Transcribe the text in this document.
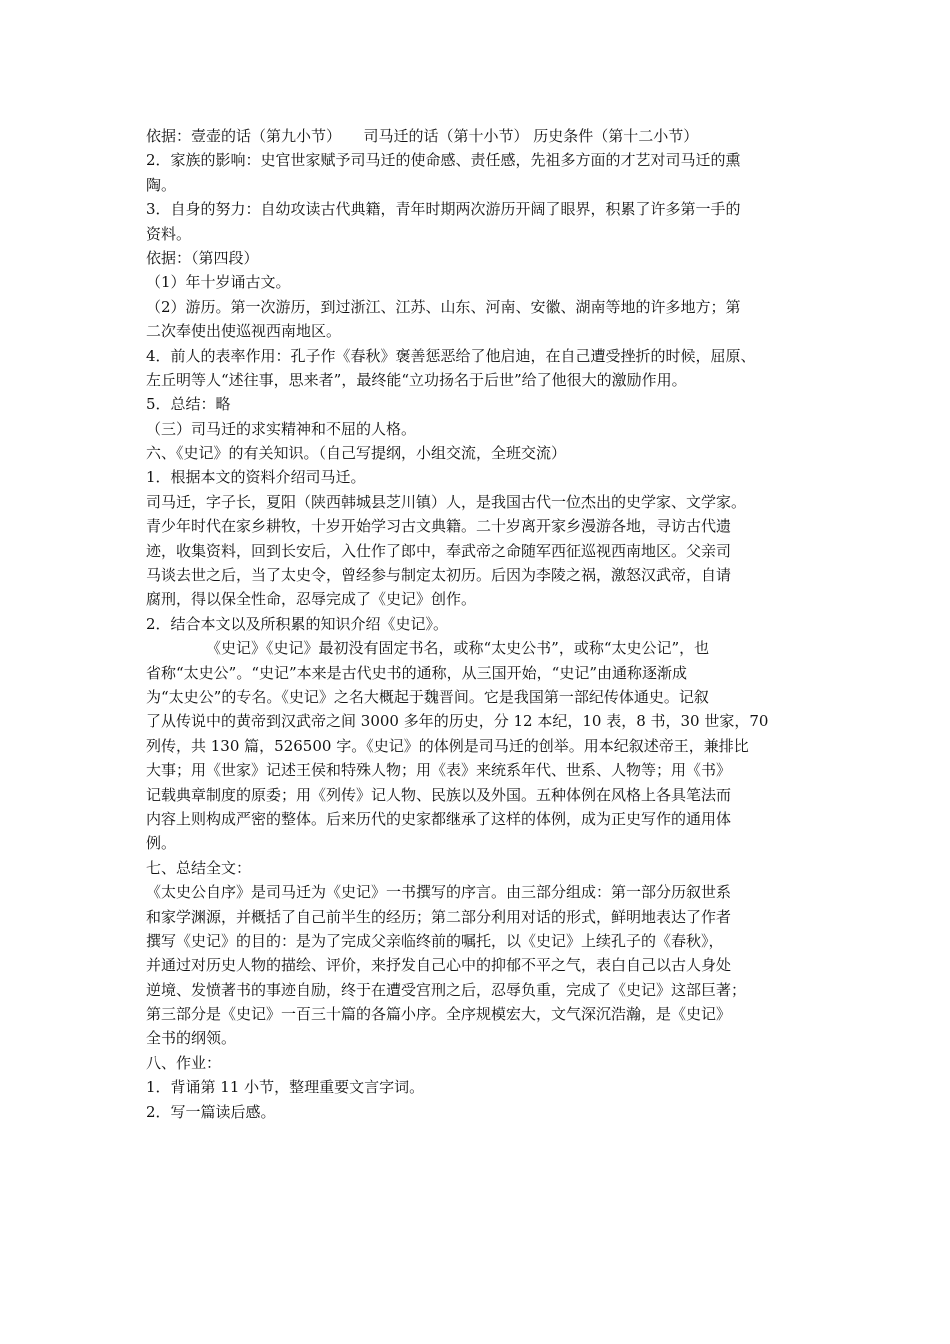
依据：壹壶的话（第九小节）　　司马迁的话（第十小节） 历史条件（第十二小节）
2．家族的影响：史官世家赋予司马迁的使命感、责任感，先祖多方面的才艺对司马迁的熏
陶。
3．自身的努力：自幼攻读古代典籍，青年时期两次游历开阔了眼界，积累了许多第一手的
资料。
依据：（第四段）
（1）年十岁诵古文。
（2）游历。第一次游历，到过浙江、江苏、山东、河南、安徽、湖南等地的许多地方；第
二次奉使出使巡视西南地区。
4．前人的表率作用：孔子作《春秋》褒善惩恶给了他启迪，在自己遭受挫折的时候，屈原、
左丘明等人“述往事，思来者”，最终能“立功扬名于后世”给了他很大的激励作用。
5．总结：略
（三）司马迁的求实精神和不屈的人格。
六、《史记》的有关知识。（自己写提纲，小组交流，全班交流）
1．根据本文的资料介绍司马迁。
司马迁，字子长，夏阳（陕西韩城县芝川镇）人，是我国古代一位杰出的史学家、文学家。
青少年时代在家乡耕牧，十岁开始学习古文典籍。二十岁离开家乡漫游各地，寻访古代遗
迹，收集资料，回到长安后，入仕作了郎中，奉武帝之命随军西征巡视西南地区。父亲司
马谈去世之后，当了太史令，曾经参与制定太初历。后因为李陵之祸，激怒汉武帝，自请
腐刑，得以保全性命，忍辱完成了《史记》创作。
2．结合本文以及所积累的知识介绍《史记》。
《史记》《史记》最初没有固定书名，或称“太史公书”，或称“太史公记”，也
省称“太史公”。“史记”本来是古代史书的通称，从三国开始，“史记”由通称逐渐成
为“太史公”的专名。《史记》之名大概起于魏晋间。它是我国第一部纪传体通史。记叙
了从传说中的黄帝到汉武帝之间 3000 多年的历史，分 12 本纪，10 表，8 书，30 世家，70
列传，共 130 篇，526500 字。《史记》的体例是司马迁的创举。用本纪叙述帝王，兼排比
大事；用《世家》记述王侯和特殊人物；用《表》来统系年代、世系、人物等；用《书》
记载典章制度的原委；用《列传》记人物、民族以及外国。五种体例在风格上各具笔法而
内容上则构成严密的整体。后来历代的史家都继承了这样的体例，成为正史写作的通用体
例。
七、总结全文：
《太史公自序》是司马迁为《史记》一书撰写的序言。由三部分组成：第一部分历叙世系
和家学渊源，并概括了自己前半生的经历；第二部分利用对话的形式，鲜明地表达了作者
撰写《史记》的目的：是为了完成父亲临终前的嘱托，以《史记》上续孔子的《春秋》，
并通过对历史人物的描绘、评价，来抒发自己心中的抑郁不平之气，表白自己以古人身处
逆境、发愤著书的事迹自励，终于在遭受宫刑之后，忍辱负重，完成了《史记》这部巨著；
第三部分是《史记》一百三十篇的各篇小序。全序规模宏大，文气深沉浩瀚，是《史记》
全书的纲领。
八、作业：
1．背诵第 11 小节，整理重要文言字词。
2．写一篇读后感。
